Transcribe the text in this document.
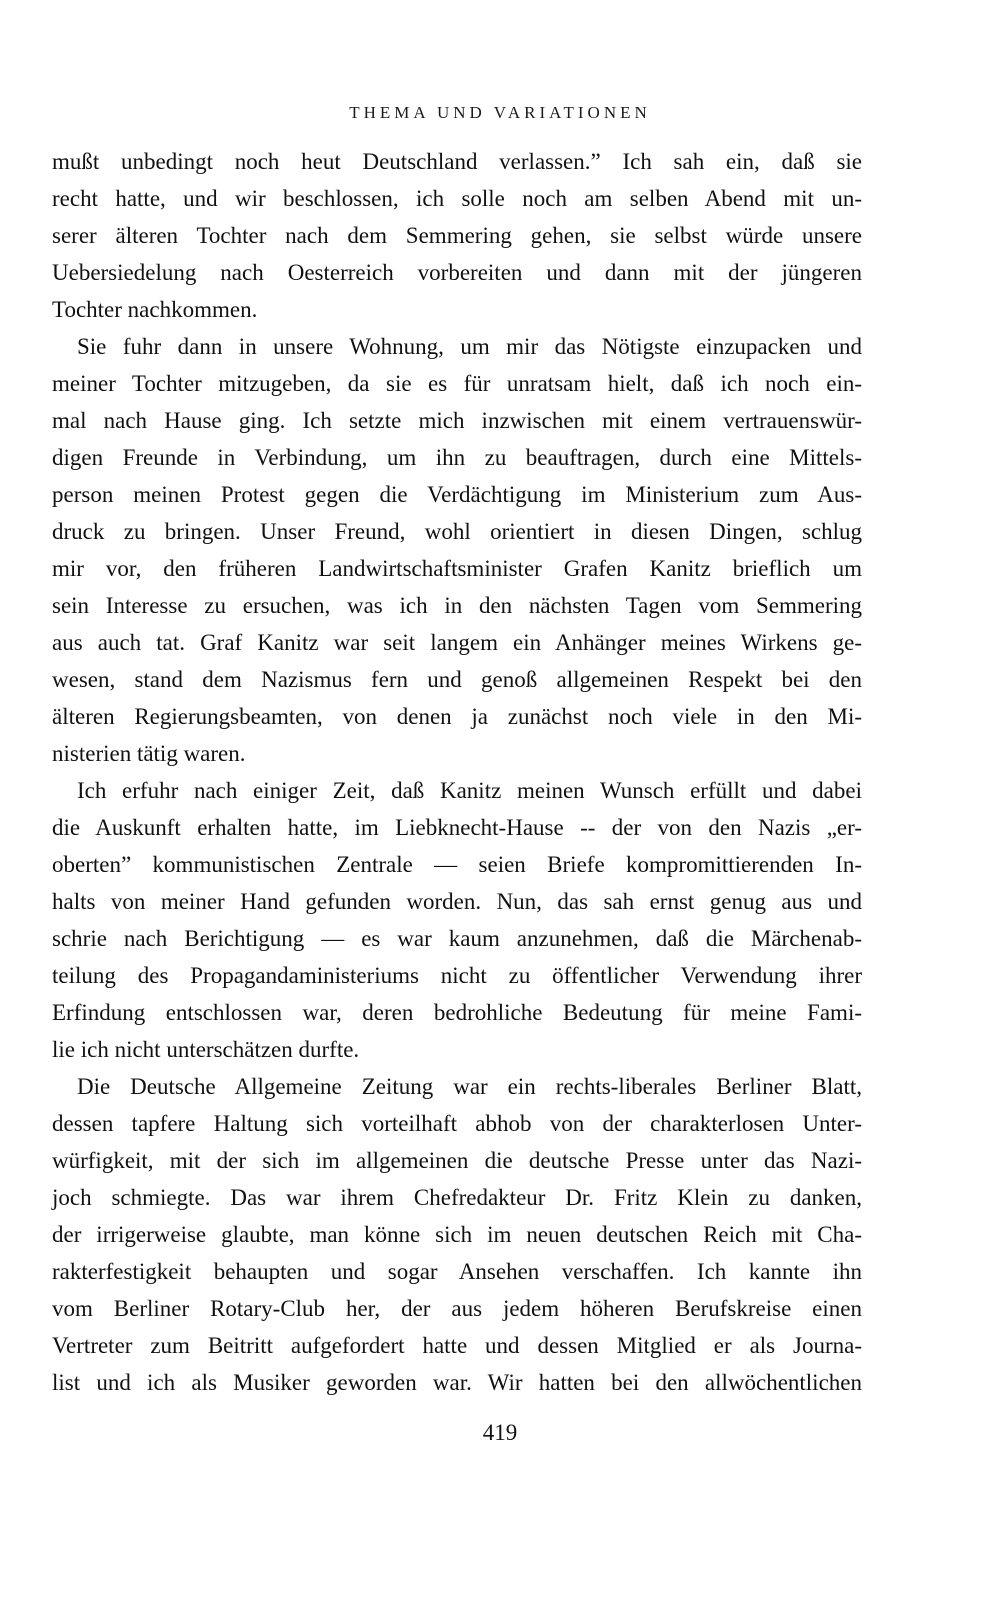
THEMA UND VARIATIONEN
mußt unbedingt noch heut Deutschland verlassen.” Ich sah ein, daß sie
recht hatte, und wir beschlossen, ich solle noch am selben Abend mit un-
serer älteren Tochter nach dem Semmering gehen, sie selbst würde unsere
Uebersiedelung nach Oesterreich vorbereiten und dann mit der jüngeren
Tochter nachkommen.
Sie fuhr dann in unsere Wohnung, um mir das Nötigste einzupacken und
meiner Tochter mitzugeben, da sie es für unratsam hielt, daß ich noch ein-
mal nach Hause ging. Ich setzte mich inzwischen mit einem vertrauenswür-
digen Freunde in Verbindung, um ihn zu beauftragen, durch eine Mittels-
person meinen Protest gegen die Verdächtigung im Ministerium zum Aus-
druck zu bringen. Unser Freund, wohl orientiert in diesen Dingen, schlug
mir vor, den früheren Landwirtschaftsminister Grafen Kanitz brieflich um
sein Interesse zu ersuchen, was ich in den nächsten Tagen vom Semmering
aus auch tat. Graf Kanitz war seit langem ein Anhänger meines Wirkens ge-
wesen, stand dem Nazismus fern und genoß allgemeinen Respekt bei den
älteren Regierungsbeamten, von denen ja zunächst noch viele in den Mi-
nisterien tätig waren.
Ich erfuhr nach einiger Zeit, daß Kanitz meinen Wunsch erfüllt und dabei
die Auskunft erhalten hatte, im Liebknecht-Hause -- der von den Nazis „er-
oberten” kommunistischen Zentrale — seien Briefe kompromittierenden In-
halts von meiner Hand gefunden worden. Nun, das sah ernst genug aus und
schrie nach Berichtigung — es war kaum anzunehmen, daß die Märchenab-
teilung des Propagandaministeriums nicht zu öffentlicher Verwendung ihrer
Erfindung entschlossen war, deren bedrohliche Bedeutung für meine Fami-
lie ich nicht unterschätzen durfte.
Die Deutsche Allgemeine Zeitung war ein rechts-liberales Berliner Blatt,
dessen tapfere Haltung sich vorteilhaft abhob von der charakterlosen Unter-
würfigkeit, mit der sich im allgemeinen die deutsche Presse unter das Nazi-
joch schmiegte. Das war ihrem Chefredakteur Dr. Fritz Klein zu danken,
der irrigerweise glaubte, man könne sich im neuen deutschen Reich mit Cha-
rakterfestigkeit behaupten und sogar Ansehen verschaffen. Ich kannte ihn
vom Berliner Rotary-Club her, der aus jedem höheren Berufskreise einen
Vertreter zum Beitritt aufgefordert hatte und dessen Mitglied er als Journa-
list und ich als Musiker geworden war. Wir hatten bei den allwöchentlichen
419
